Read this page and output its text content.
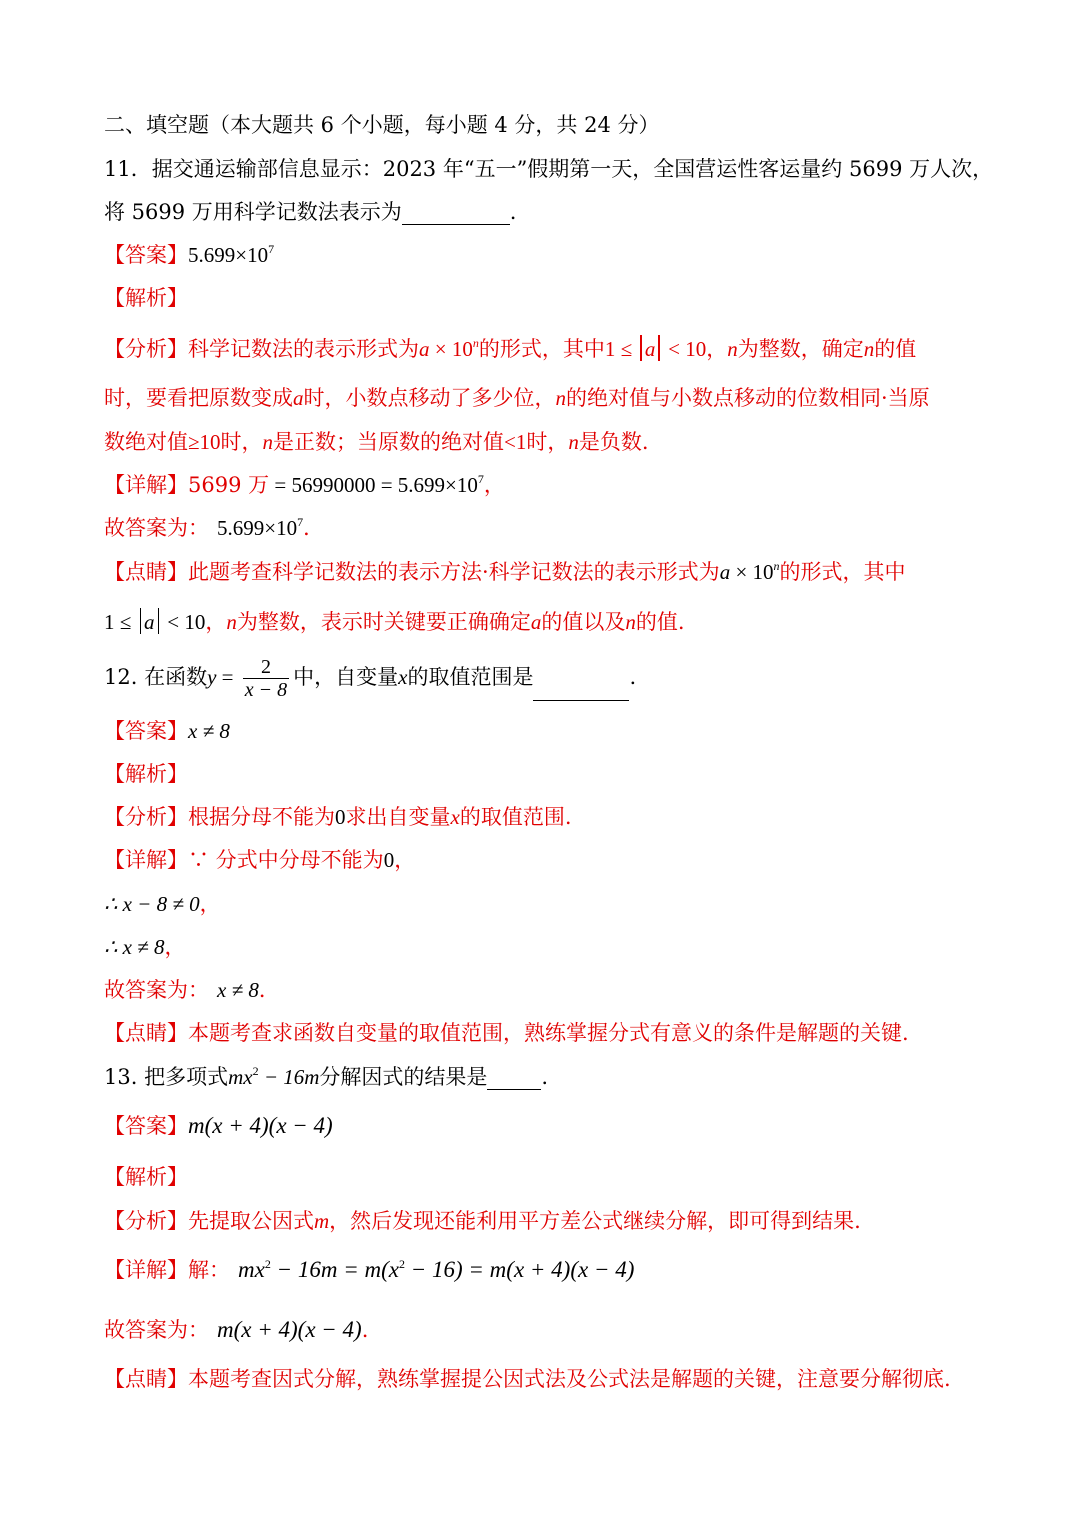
二、填空题（本大题共 6 个小题，每小题 4 分，共 24 分）
11．据交通运输部信息显示：2023 年“五一”假期第一天，全国营运性客运量约 5699 万人次，
将 5699 万用科学记数法表示为	.
【答案】$5.699\times 10^7$
【解析】
【分析】科学记数法的表示形式为$a \times 10^n$的形式，其中1 ≤ a < 10，n为整数，确定n的值
时，要看把原数变成a时，小数点移动了多少位，n的绝对值与小数点移动的位数相同·当原
数绝对值≥10时，n是正数；当原数的绝对值<1时，n是负数.
【详解】5699 万 = $56990000 = 5.699\times 10^7$，
故答案为： $5.699\times 10^7$．
【点睛】此题考查科学记数法的表示方法·科学记数法的表示形式为$a \times 10^n$的形式，其中
1 ≤ a < 10，n为整数，表示时关键要正确确定a的值以及n的值.
12. 在函数$y = \frac{2}{x - 8}$ 中，自变量x的取值范围是	.
【答案】x ≠ 8
【解析】
【分析】根据分母不能为0求出自变量x的取值范围.
【详解】∵ 分式中分母不能为0，
∴ x − 8 ≠ 0，
∴ x ≠ 8，
故答案为： x ≠ 8．
【点睛】本题考查求函数自变量的取值范围，熟练掌握分式有意义的条件是解题的关键.
13. 把多项式$mx^2 - 16m$分解因式的结果是	.
【答案】m(x + 4)(x − 4)
【解析】
【分析】先提取公因式m，然后发现还能利用平方差公式继续分解，即可得到结果.
【详解】解： $mx^2 - 16m = m(x^2 - 16) = m(x + 4)(x - 4)$
故答案为： m(x + 4)(x − 4).
【点睛】本题考查因式分解，熟练掌握提公因式法及公式法是解题的关键，注意要分解彻底.
